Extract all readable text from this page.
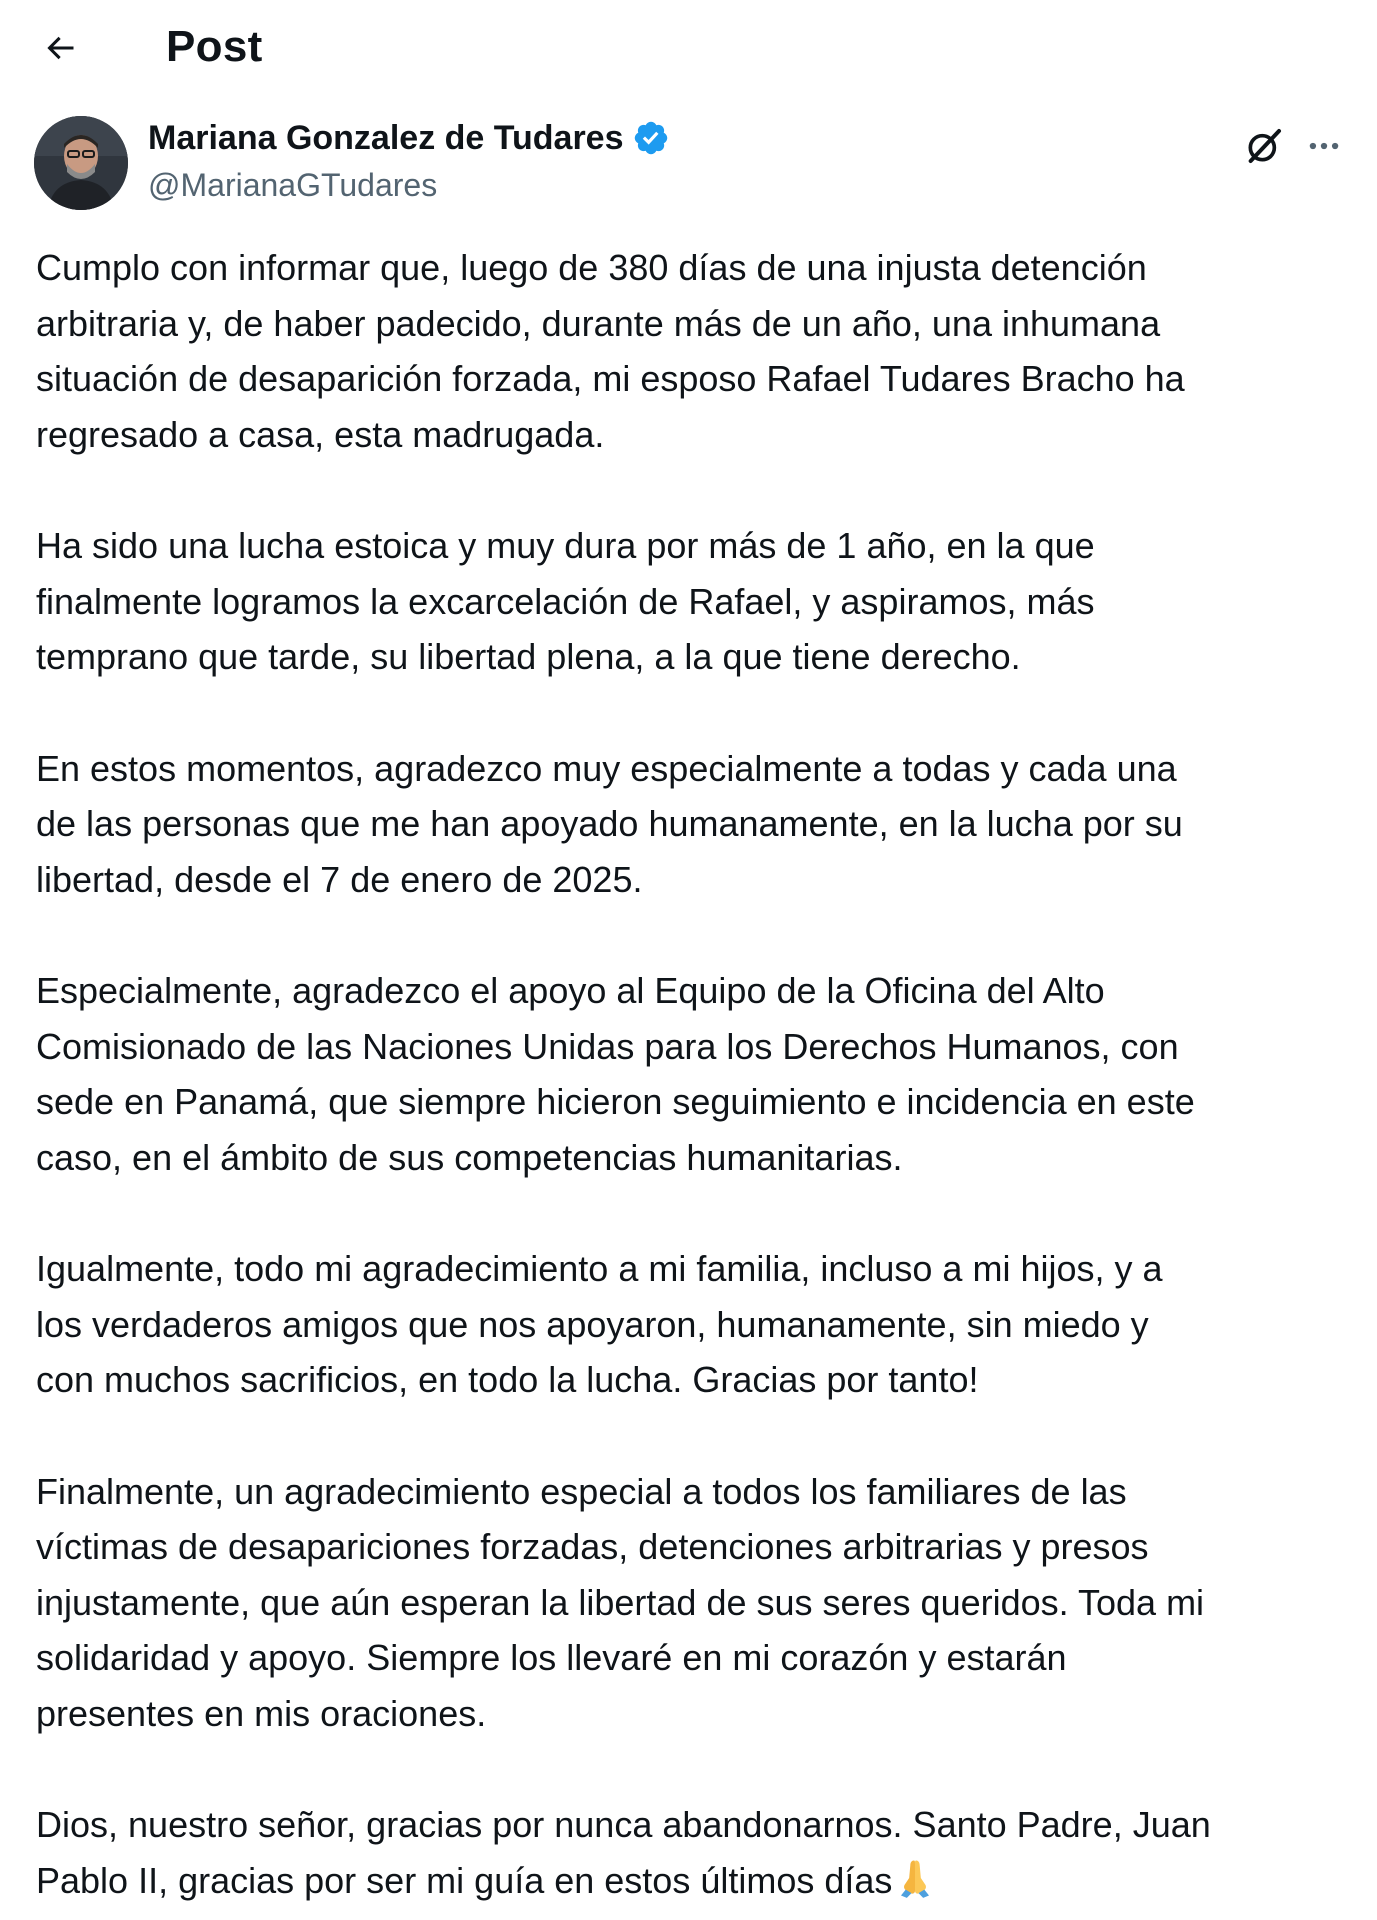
Post
Mariana Gonzalez de Tudares
@MarianaGTudares

Cumplo con informar que, luego de 380 días de una injusta detención
arbitraria y, de haber padecido, durante más de un año, una inhumana
situación de desaparición forzada, mi esposo Rafael Tudares Bracho ha
regresado a casa, esta madrugada.

Ha sido una lucha estoica y muy dura por más de 1 año, en la que
finalmente logramos la excarcelación de Rafael, y aspiramos, más
temprano que tarde, su libertad plena, a la que tiene derecho.

En estos momentos, agradezco muy especialmente a todas y cada una
de las personas que me han apoyado humanamente, en la lucha por su
libertad, desde el 7 de enero de 2025.

Especialmente, agradezco el apoyo al Equipo de la Oficina del Alto
Comisionado de las Naciones Unidas para los Derechos Humanos, con
sede en Panamá, que siempre hicieron seguimiento e incidencia en este
caso, en el ámbito de sus competencias humanitarias.

Igualmente, todo mi agradecimiento a mi familia, incluso a mi hijos, y a
los verdaderos amigos que nos apoyaron, humanamente, sin miedo y
con muchos sacrificios, en todo la lucha. Gracias por tanto!

Finalmente, un agradecimiento especial a todos los familiares de las
víctimas de desapariciones forzadas, detenciones arbitrarias y presos
injustamente, que aún esperan la libertad de sus seres queridos. Toda mi
solidaridad y apoyo. Siempre los llevaré en mi corazón y estarán
presentes en mis oraciones.

Dios, nuestro señor, gracias por nunca abandonarnos. Santo Padre, Juan
Pablo II, gracias por ser mi guía en estos últimos días
